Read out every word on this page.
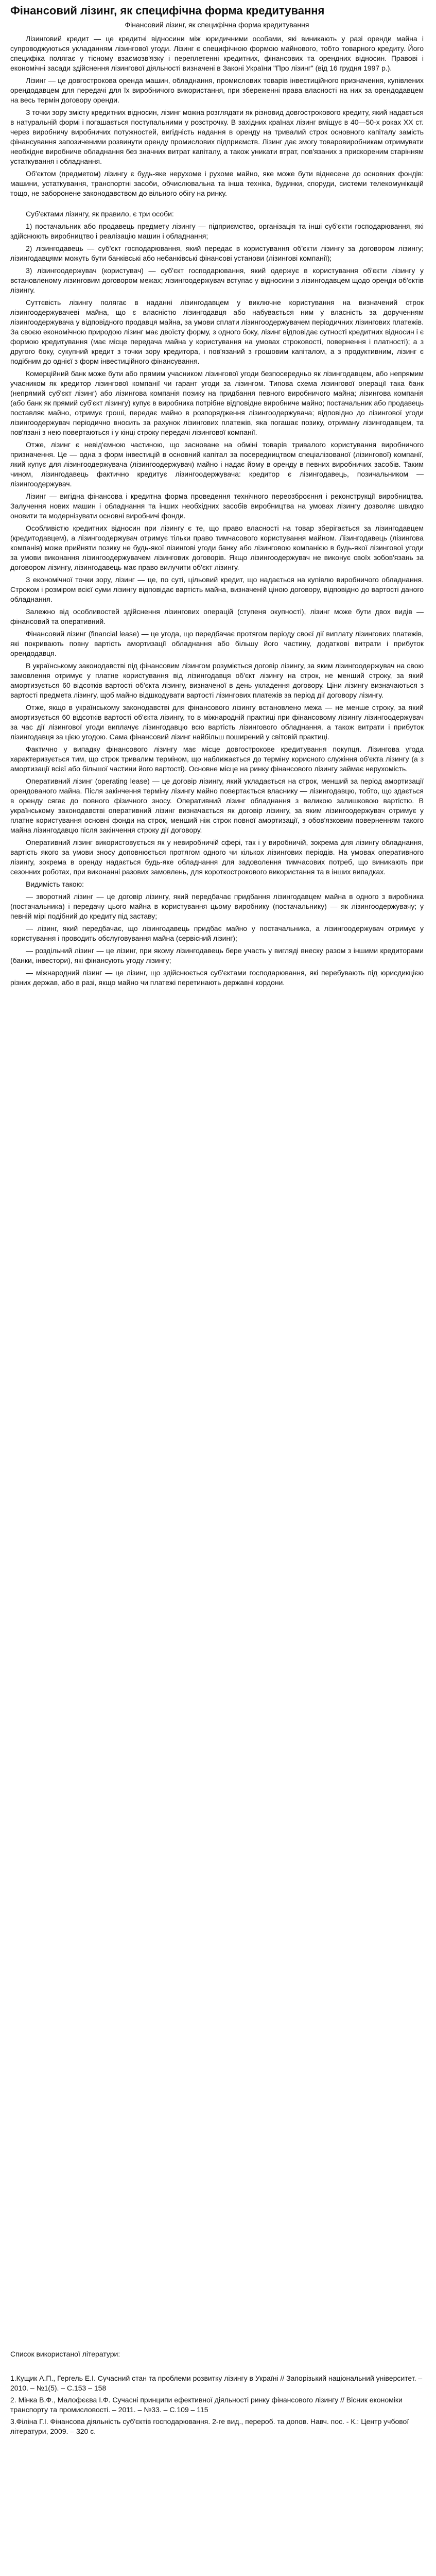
Фінансовий лізинг, як специфічна форма кредитування
Фінансовий лізинг, як специфічна форма кредитування

Лізинговий кредит — це кредитні відносини між юридичними особами, які виникають у разі оренди майна і супроводжуються укладанням лізингової угоди. Лізинг є специфічною формою майнового, тобто товарного кредиту. Його специфіка полягає у тісному взаємозв'язку і переплетенні кредитних, фінансових та орендних відносин. Правові і економічні засади здійснення лізингової діяльності визначені в Законі України "Про лізинг" (від 16 грудня 1997 р.).

Лізинг — це довгострокова оренда машин, обладнання, промислових товарів інвестиційного призначення, купівлених орендодавцем для передачі для їх виробничого використання, при збереженні права власності на них за орендодавцем на весь термін договору оренди.

З точки зору змісту кредитних відносин, лізинг можна розглядати як різновид довгострокового кредиту, який надається в натуральній формі і погашається поступальними у розстрочку. В західних країнах лізинг вміщує в 40—50-х роках XX ст. через виробничу виробничих потужностей, вигідність надання в оренду на тривалий строк основного капіталу замість фінансування запозиченими розвинути оренду промислових підприємств. Лізинг дає змогу товаровиробникам отримувати необхідне виробниче обладнання без значних витрат капіталу, а також уникати втрат, пов'язаних з прискореним старінням устаткування і обладнання.

Об'єктом (предметом) лізингу є будь-яке нерухоме і рухоме майно, яке може бути віднесене до основних фондів: машини, устаткування, транспортні засоби, обчислювальна та інша техніка, будинки, споруди, системи телекомунікацій тощо, не заборонене законодавством до вільного обігу на ринку.

Суб'єктами лізингу, як правило, є три особи:

1) постачальник або продавець предмету лізингу — підприємство, організація та інші суб'єкти господарювання, які здійснюють виробництво і реалізацію машин і обладнання;

2) лізингодавець — суб'єкт господарювання, який передає в користування об'єкти лізингу за договором лізингу; лізингодавцями можуть бути банківські або небанківські фінансові установи (лізингові компанії);

3) лізингоодержувач (користувач) — суб'єкт господарювання, який одержує в користування об'єкти лізингу у встановленому лізинговим договором межах; лізингоодержувач вступає у відносини з лізингодавцем щодо оренди об'єктів лізингу.

Суттєвість лізингу полягає в наданні лізингодавцем у виключне користування на визначений строк лізингоодержувачеві майна, що є власністю лізингодавця або набувається ним у власність за дорученням лізингоодержувача у відповідного продавця майна, за умови сплати лізингоодержувачем періодичних лізингових платежів. За своєю економічною природою лізинг має двоїсту форму, з одного боку, лізинг відповідає сутності кредитних відносин і є формою кредитування (має місце передача майна у користування на умовах строковості, повернення і платності); а з другого боку, сукупний кредит з точки зору кредитора, і пов'язаний з грошовим капіталом, а з продуктивним, лізинг є подібним до однієї з форм інвестиційного фінансування.

Комерційний банк може бути або прямим учасником лізингової угоди безпосередньо як лізингодавцем, або непрямим учасником як кредитор лізингової компанії чи гарант угоди за лізингом. Типова схема лізингової операції така банк (непрямий суб'єкт лізинг) або лізингова компанія позику на придбання певного виробничого майна; лізингова компанія (або банк як прямий суб'єкт лізингу) купує в виробника потрібне відповідне виробниче майно; постачальник або продавець поставляє майно, отримує гроші, передає майно в розпорядження лізингоодержувача; відповідно до лізингової угоди лізингоодержувач періодично вносить за рахунок лізингових платежів, яка погашає позику, отриману лізингодавцем, та пов'язані з нею повертаються і у кінці строку передачі лізингової компанії.

Отже, лізинг є невід'ємною частиною, що засноване на обміні товарів тривалого користування виробничого призначення. Це — одна з форм інвестицій в основний капітал за посередництвом спеціалізованої (лізингової) компанії, який купує для лізингоодержувача (лізингоодержувач) майно і надає йому в оренду в певних виробничих засобів. Таким чином, лізингодавець фактично кредитує лізингоодержувача: кредитор є лізингодавець, позичальником — лізингоодержувач.

Лізинг — вигідна фінансова і кредитна форма проведення технічного переозброєння і реконструкції виробництва. Залучення нових машин і обладнання та інших необхідних засобів виробництва на умовах лізингу дозволяє швидко оновити та модернізувати основні виробничі фонди.

Особливістю кредитних відносин при лізингу є те, що право власності на товар зберігається за лізингодавцем (кредитодавцем), а лізингоодержувач отримує тільки право тимчасового користування майном. Лізингодавець (лізингова компанія) може прийняти позику не будь-якої лізингові угоди банку або лізинговою компанією в будь-якої лізингової угоди за умови виконання лізингоодержувачем лізингових договорів. Якщо лізингоодержувач не виконує своїх зобов'язань за договором лізингу, лізингодавець має право вилучити об'єкт лізингу.

З економічної точки зору, лізинг — це, по суті, цільовий кредит, що надається на купівлю виробничого обладнання. Строком і розміром всієї суми лізингу відповідає вартість майна, визначеній ціною договору, відповідно до вартості даного обладнання.

Залежно від особливостей здійснення лізингових операцій (ступеня окупності), лізинг може бути двох видів — фінансовий та оперативний.

Фінансовий лізинг (financial lease) — це угода, що передбачає протягом періоду своєї дії виплату лізингових платежів, які покривають повну вартість амортизації обладнання або більшу його частину, додаткові витрати і прибуток орендодавця.

В українському законодавстві під фінансовим лізингом розуміється договір лізингу, за яким лізингоодержувач на свою замовлення отримує у платне користування від лізингодавця об'єкт лізингу на строк, не менший строку, за який амортизується 60 відсотків вартості об'єкта лізингу, визначеної в день укладення договору. Ціни лізингу визначаються з вартості предмета лізингу, щоб майно відшкодувати вартості лізингових платежів за період дії договору лізингу.

Отже, якщо в українському законодавстві для фінансового лізингу встановлено межа — не менше строку, за який амортизується 60 відсотків вартості об'єкта лізингу, то в міжнародній практиці при фінансовому лізингу лізингоодержувач за час дії лізингової угоди виплачує лізингодавцю всю вартість лізингового обладнання, а також витрати і прибуток лізингодавця за цією угодою. Сама фінансовий лізинг найбільш поширений у світовій практиці.

Фактично у випадку фінансового лізингу має місце довгострокове кредитування покупця. Лізингова угода характеризується тим, що строк тривалим терміном, що наближається до терміну корисного служіння об'єкта лізингу (а з амортизації всієї або більшої частини його вартості). Основне місце на ринку фінансового лізингу займає нерухомість.

Оперативний лізинг (operating lease) — це договір лізингу, який укладається на строк, менший за період амортизації орендованого майна. Після закінчення терміну лізингу майно повертається власнику — лізингодавцю, тобто, що здається в оренду сягає до повного фізичного зносу. Оперативний лізинг обладнання з великою залишковою вартістю. В українському законодавстві оперативний лізинг визначається як договір лізингу, за яким лізингоодержувач отримує у платне користування основні фонди на строк, менший ніж строк повної амортизації, з обов'язковим поверненням такого майна лізингодавцю після закінчення строку дії договору.

Оперативний лізинг використовується як у невиробничій сфері, так і у виробничій, зокрема для лізингу обладнання, вартість якого за умови зносу доповнюється протягом одного чи кількох лізингових періодів. На умовах оперативного лізингу, зокрема в оренду надається будь-яке обладнання для задоволення тимчасових потреб, що виникають при сезонних роботах, при виконанні разових замовлень, для короткострокового використання та в інших випадках.

Видимість такою:

— зворотний лізинг — це договір лізингу, який передбачає придбання лізингодавцем майна в одного з виробника (постачальника) і передачу цього майна в користування цьому виробнику (постачальнику) — як лізингоодержувачу; у певній мірі подібний до кредиту під заставу;

— лізинг, який передбачає, що лізингодавець придбає майно у постачальника, а лізингоодержувач отримує у користування і проводить обслуговування майна (сервісний лізинг);

— роздільний лізинг — це лізинг, при якому лізингодавець бере участь у вигляді внеску разом з іншими кредиторами (банки, інвестори), які фінансують угоду лізингу;

— міжнародний лізинг — це лізинг, що здійснюється суб'єктами господарювання, які перебувають під юрисдикцією різних держав, або в разі, якщо майно чи платежі перетинають державні кордони.

Список використаної літератури:

1.Кущик А.П., Гергель Е.І. Сучасний стан та проблеми розвитку лізингу в Україні // Запорізький національний університет. – 2010. – №1(5). – С.153 – 158

2. Мінка В.Ф., Малофєєва І.Ф. Сучасні принципи ефективної діяльності ринку фінансового лізингу // Вісник економіки транспорту та промисловості. – 2011. – №33. – С.109 – 115

3.Філіна Г.І. Фінансова діяльність суб'єктів господарювання. 2-ге вид., перероб. та допов. Навч. пос. - К.: Центр учбової літератури, 2009. – 320 с.
